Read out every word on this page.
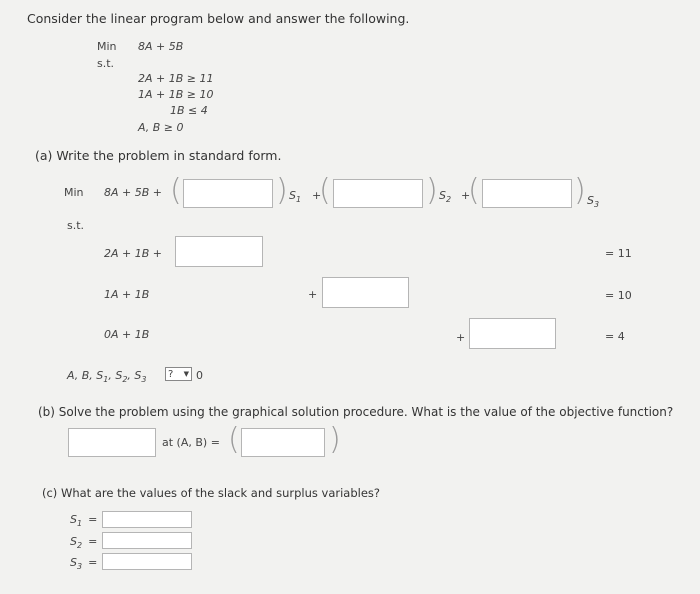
Consider the linear program below and answer the following.
Min 8A + 5B
s.t.
2A + 1B ≥ 11
1A + 1B ≥ 10
1B ≤ 4
A, B ≥ 0
(a) Write the problem in standard form.
Min 8A + 5B + (	) $S_1$ +
(	) $S_2$ +
(	) $S_3$
s.t.
2A + 1B +	= 11
1A + 1B	+	= 10
0A + 1B	+	= 4
A, B, $S_1$, $S_2$, $S_3$ ? ▼ 0
(b) Solve the problem using the graphical solution procedure. What is the value of the objective function?
at (A, B) = (	)
(c) What are the values of the slack and surplus variables?
$S_1$ =
$S_2$ =
$S_3$ =
